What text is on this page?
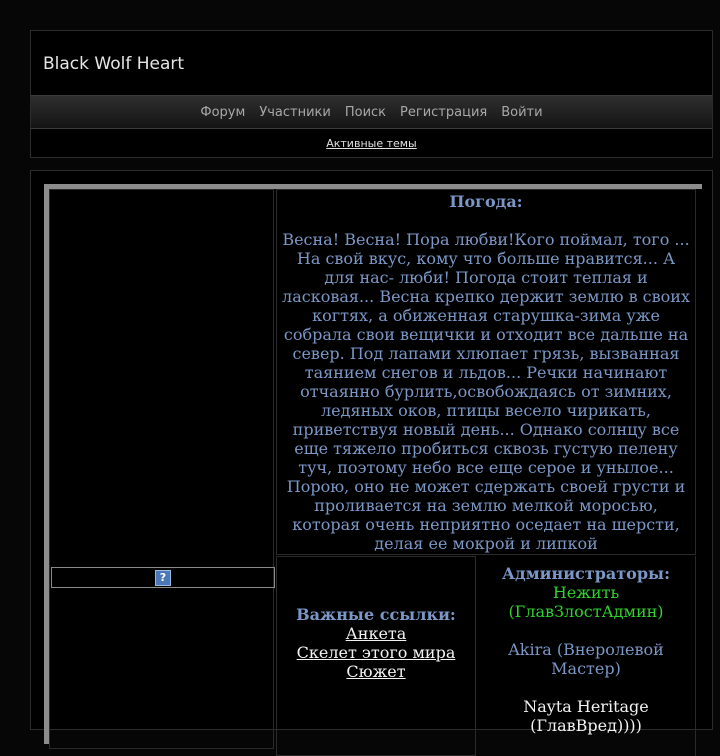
Black Wolf Heart
Форум Участники Поиск Регистрация Войти
Активные темы
?

Погода:

Весна! Весна! Пора любви!Кого поймал, того ... На свой вкус, кому что больше нравится... А для нас- люби! Погода стоит теплая и ласковая... Весна крепко держит землю в своих когтях, а обиженная старушка-зима уже собрала свои вещички и отходит все дальше на север. Под лапами хлюпает грязь, вызванная таянием снегов и льдов... Речки начинают отчаянно бурлить,освобождаясь от зимних, ледяных оков, птицы весело чирикать, приветствуя новый день... Однако солнцу все еще тяжело пробиться сквозь густую пелену туч, поэтому небо все еще серое и унылое... Порою, оно не может сдержать своей грусти и проливается на землю мелкой моросью, которая очень неприятно оседает на шерсти, делая ее мокрой и липкой

Важные ссылки:
Анкета
Скелет этого мира
Сюжет
Администраторы:
Нежить (ГлавЗлостАдмин)
Akira (Внеролевой Мастер)
Nayta Heritage (ГлавВред))))
